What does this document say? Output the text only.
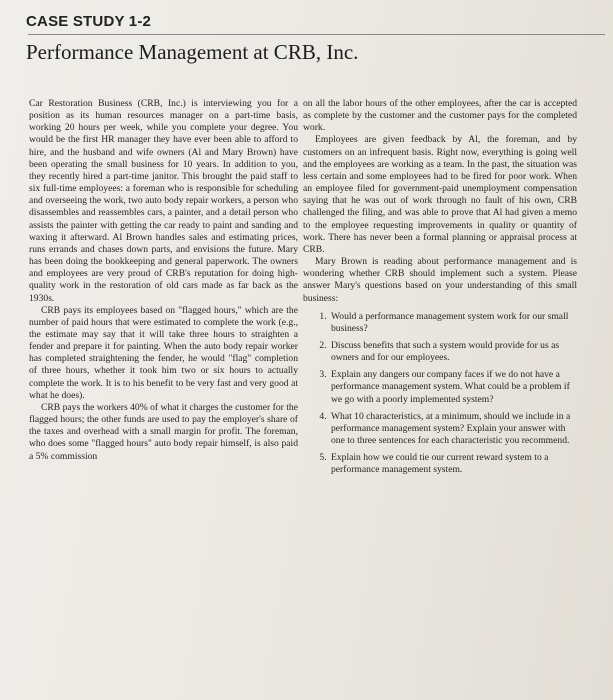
CASE STUDY 1-2
Performance Management at CRB, Inc.

Car Restoration Business (CRB, Inc.) is interviewing you for a position as its human resources manager on a part-time basis, working 20 hours per week, while you complete your degree. You would be the first HR manager they have ever been able to afford to hire, and the husband and wife owners (Al and Mary Brown) have been operating the small business for 10 years. In addition to you, they recently hired a part-time janitor. This brought the paid staff to six full-time employees: a foreman who is responsible for scheduling and overseeing the work, two auto body repair workers, a person who disassembles and reassembles cars, a painter, and a detail person who assists the painter with getting the car ready to paint and sanding and waxing it afterward. Al Brown handles sales and estimating prices, runs errands and chases down parts, and envisions the future. Mary has been doing the bookkeeping and general paperwork. The owners and employees are very proud of CRB's reputation for doing high-quality work in the restoration of old cars made as far back as the 1930s.

CRB pays its employees based on "flagged hours," which are the number of paid hours that were estimated to complete the work (e.g., the estimate may say that it will take three hours to straighten a fender and prepare it for painting. When the auto body repair worker has completed straightening the fender, he would "flag" completion of three hours, whether it took him two or six hours to actually complete the work. It is to his benefit to be very fast and very good at what he does).

CRB pays the workers 40% of what it charges the customer for the flagged hours; the other funds are used to pay the employer's share of the taxes and overhead with a small margin for profit. The foreman, who does some "flagged hours" auto body repair himself, is also paid a 5% commission

on all the labor hours of the other employees, after the car is accepted as complete by the customer and the customer pays for the completed work.

Employees are given feedback by Al, the foreman, and by customers on an infrequent basis. Right now, everything is going well and the employees are working as a team. In the past, the situation was less certain and some employees had to be fired for poor work. When an employee filed for government-paid unemployment compensation saying that he was out of work through no fault of his own, CRB challenged the filing, and was able to prove that Al had given a memo to the employee requesting improvements in quality or quantity of work. There has never been a formal planning or appraisal process at CRB.

Mary Brown is reading about performance management and is wondering whether CRB should implement such a system. Please answer Mary's questions based on your understanding of this small business:

1. Would a performance management system work for our small business?
2. Discuss benefits that such a system would provide for us as owners and for our employees.
3. Explain any dangers our company faces if we do not have a performance management system. What could be a problem if we go with a poorly implemented system?
4. What 10 characteristics, at a minimum, should we include in a performance management system? Explain your answer with one to three sentences for each characteristic you recommend.
5. Explain how we could tie our current reward system to a performance management system.
